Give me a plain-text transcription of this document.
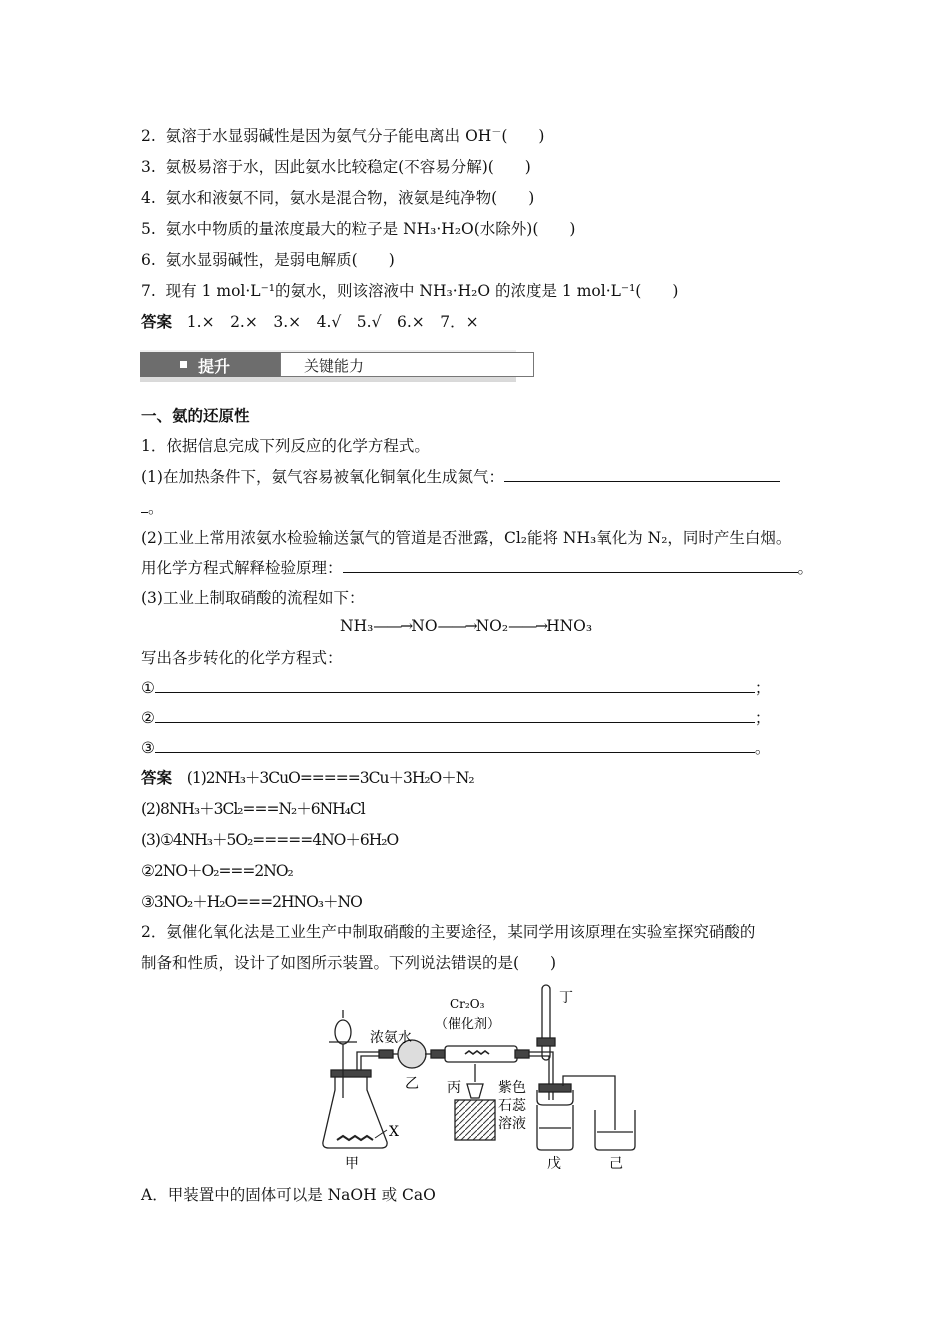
2. 氨溶于水显弱碱性是因为氨气分子能电离出 OH－(　　)
3. 氨极易溶于水，因此氨水比较稳定(不容易分解)(　　)
4. 氨水和液氨不同，氨水是混合物，液氨是纯净物(　　)
5. 氨水中物质的量浓度最大的粒子是 NH₃·H₂O(水除外)(　　)
6. 氨水显弱碱性，是弱电解质(　　)
7. 现有 1 mol·L⁻¹的氨水，则该溶液中 NH₃·H₂O 的浓度是 1 mol·L⁻¹(　　)
答案 1.×　2.×　3.×　4.√　5.√　6.×　7．×
提升	关键能力
一、氨的还原性
1．依据信息完成下列反应的化学方程式。
(1)在加热条件下，氨气容易被氧化铜氧化生成氮气：
。
(2)工业上常用浓氨水检验输送氯气的管道是否泄露，Cl₂能将 NH₃氧化为 N₂，同时产生白烟。
用化学方程式解释检验原理：	。
(3)工业上制取硝酸的流程如下：
NH₃——→NO——→NO₂——→HNO₃
写出各步转化的化学方程式：
①	；
②	；
③	。
答案 (1)2NH₃＋3CuO=====3Cu＋3H₂O＋N₂
(2)8NH₃＋3Cl₂===N₂＋6NH₄Cl
(3)①4NH₃＋5O₂=====4NO＋6H₂O
②2NO＋O₂===2NO₂
③3NO₂＋H₂O===2HNO₃＋NO
2．氨催化氧化法是工业生产中制取硝酸的主要途径，某同学用该原理在实验室探究硝酸的
制备和性质，设计了如图所示装置。下列说法错误的是(　　)
浓氨水
Cr₂O₃
（催化剂）
丁
乙 丙	紫色
石蕊
溶液
X
甲	戊	己
A．甲装置中的固体可以是 NaOH 或 CaO
